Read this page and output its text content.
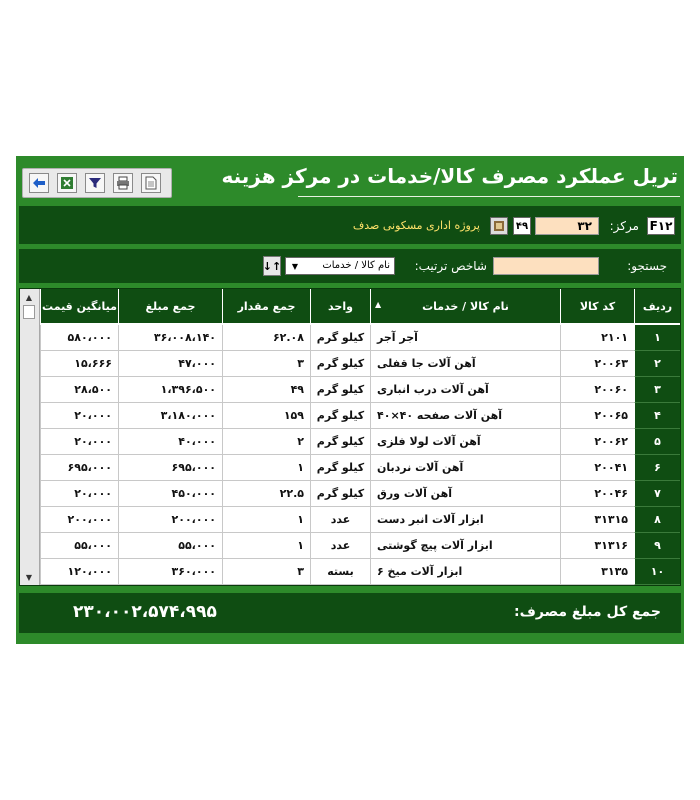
تریل عملکرد مصرف کالا/خدمات در مرکز هزینه
F۱۲
مرکز:
۳۲
۴۹
پروژه اداری مسکونی صدف
جستجو:
شاخص ترتیب:
▼ نام کالا / خدمات
↓↑
▲
▼
میانگین قیمت	جمع مبلغ	جمع مقدار	واحد	▲	نام کالا / خدمات	کد کالا	ردیف
۵۸۰،۰۰۰	۳۶،۰۰۸،۱۴۰	۶۲.۰۸	کیلو گرم	آجر آجر	۲۱۰۱	۱
۱۵،۶۶۶	۴۷،۰۰۰	۳	کیلو گرم	آهن آلات جا قفلی	۲۰۰۶۳	۲
۲۸،۵۰۰	۱،۳۹۶،۵۰۰	۴۹	کیلو گرم	آهن آلات درب انباری	۲۰۰۶۰	۳
۲۰،۰۰۰	۳،۱۸۰،۰۰۰	۱۵۹	کیلو گرم	آهن آلات صفحه ۴۰×۴۰	۲۰۰۶۵	۴
۲۰،۰۰۰	۴۰،۰۰۰	۲	کیلو گرم	آهن آلات لولا فلزی	۲۰۰۶۲	۵
۶۹۵،۰۰۰	۶۹۵،۰۰۰	۱	کیلو گرم	آهن آلات نردبان	۲۰۰۴۱	۶
۲۰،۰۰۰	۴۵۰،۰۰۰	۲۲.۵	کیلو گرم	آهن آلات ورق	۲۰۰۴۶	۷
۲۰۰،۰۰۰	۲۰۰،۰۰۰	۱	عدد	ابزار آلات انبر دست	۳۱۳۱۵	۸
۵۵،۰۰۰	۵۵،۰۰۰	۱	عدد	ابزار آلات پیچ گوشتی	۳۱۳۱۶	۹
۱۲۰،۰۰۰	۳۶۰،۰۰۰	۳	بسته	ابزار آلات میخ ۶	۳۱۳۵	۱۰
جمع کل مبلغ مصرف:
۲۳۰،۰۰۲،۵۷۴،۹۹۵
